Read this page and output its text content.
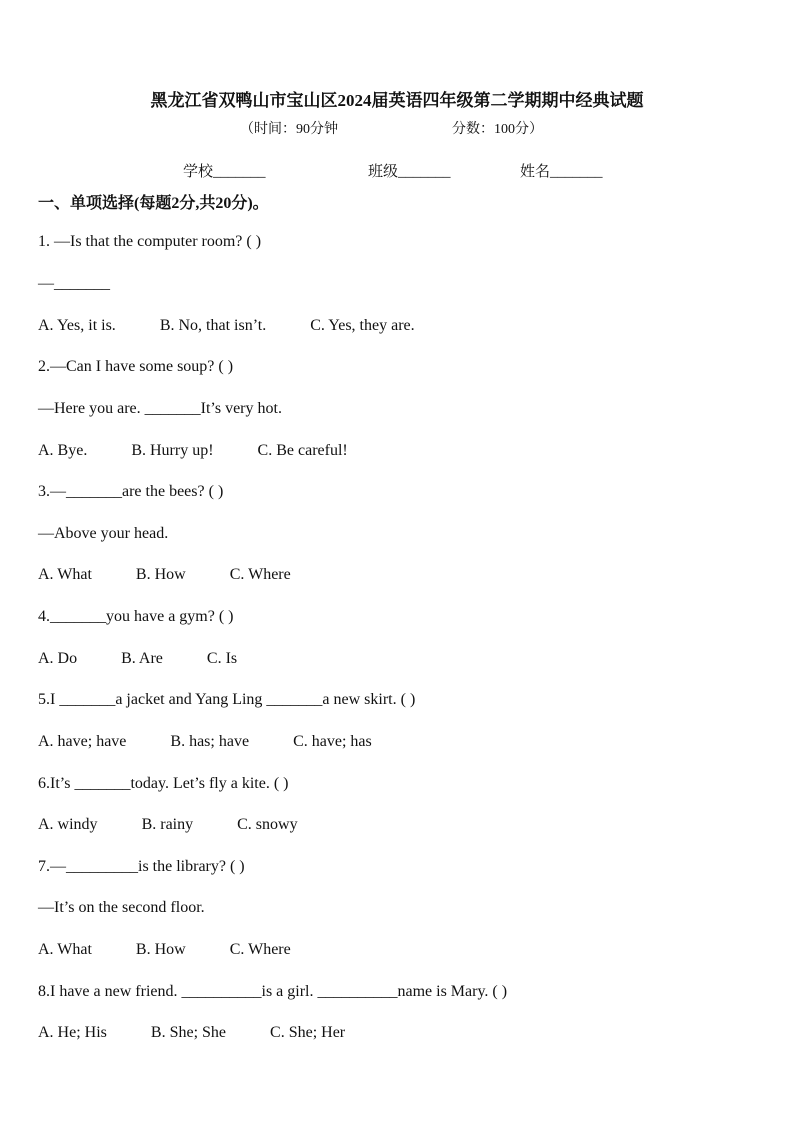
黑龙江省双鸭山市宝山区2024届英语四年级第二学期期中经典试题
（时间：90分钟	分数：100分）
学校_______	班级_______	姓名_______
一、单项选择(每题2分,共20分)。
1. —Is that the computer room? ( )
—_______
A. Yes, it is.	B. No, that isn’t.	C. Yes, they are.
2.—Can I have some soup? ( )
—Here you are. _______It’s very hot.
A. Bye.	B. Hurry up!	C. Be careful!
3.—_______are the bees? ( )
—Above your head.
A. What	B. How	C. Where
4._______you have a gym? ( )
A. Do	B. Are	C. Is
5.I _______a jacket and Yang Ling _______a new skirt. ( )
A. have; have	B. has; have	C. have; has
6.It’s _______today. Let’s fly a kite. ( )
A. windy	B. rainy	C. snowy
7.—_________is the library? ( )
—It’s on the second floor.
A. What	B. How	C. Where
8.I have a new friend. __________is a girl. __________name is Mary. ( )
A. He; His	B. She; She	C. She; Her
